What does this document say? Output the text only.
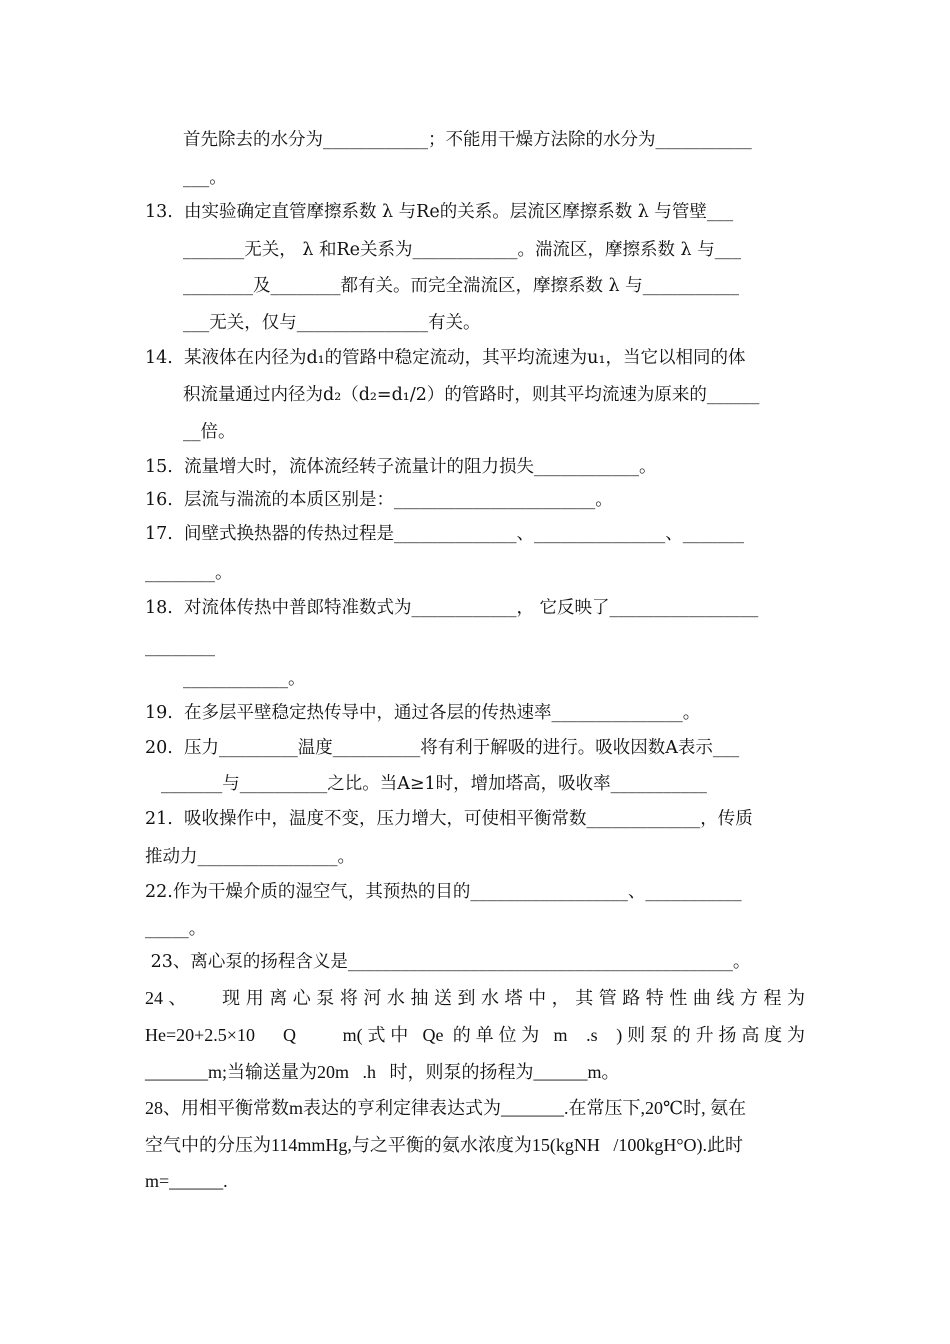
首先除去的水分为____________；不能用干燥方法除的水分为___________
___。
13.  由实验确定直管摩擦系数 λ 与Re的关系。层流区摩擦系数 λ 与管壁___
_______无关， λ 和Re关系为____________。湍流区，摩擦系数 λ 与___
________及________都有关。而完全湍流区，摩擦系数 λ 与___________
___无关，仅与_______________有关。
14.  某液体在内径为d₁的管路中稳定流动，其平均流速为u₁，当它以相同的体
积流量通过内径为d₂（d₂=d₁/2）的管路时，则其平均流速为原来的______
__倍。
15.  流量增大时，流体流经转子流量计的阻力损失____________。
16.  层流与湍流的本质区别是：_______________________。
17.  间壁式换热器的传热过程是______________、_______________、_______
________。
18.  对流体传热中普郎特准数式为____________， 它反映了_________________
________
____________。
19.  在多层平壁稳定热传导中，通过各层的传热速率_______________。
20.  压力_________温度__________将有利于解吸的进行。吸收因数A表示___
_______与__________之比。当A≥1时，增加塔高，吸收率___________
21.  吸收操作中，温度不变，压力增大，可使相平衡常数_____________，传质
推动力________________。
22.作为干燥介质的湿空气，其预热的目的__________________、___________
_____。
23、离心泵的扬程含义是____________________________________________。
24、   现用离心泵将河水抽送到水塔中，其管路特性曲线方程为
He=20+2.5×10   Q     m(式中 Qe 的单位为 m  .s  )则泵的升扬高度为
_______m;当输送量为20m   .h   时，则泵的扬程为______m。
28、用相平衡常数m表达的亨利定律表达式为_______.在常压下,20℃时, 氨在
空气中的分压为114mmHg,与之平衡的氨水浓度为15(kgNH   /100kgH°O).此时
m=______.
